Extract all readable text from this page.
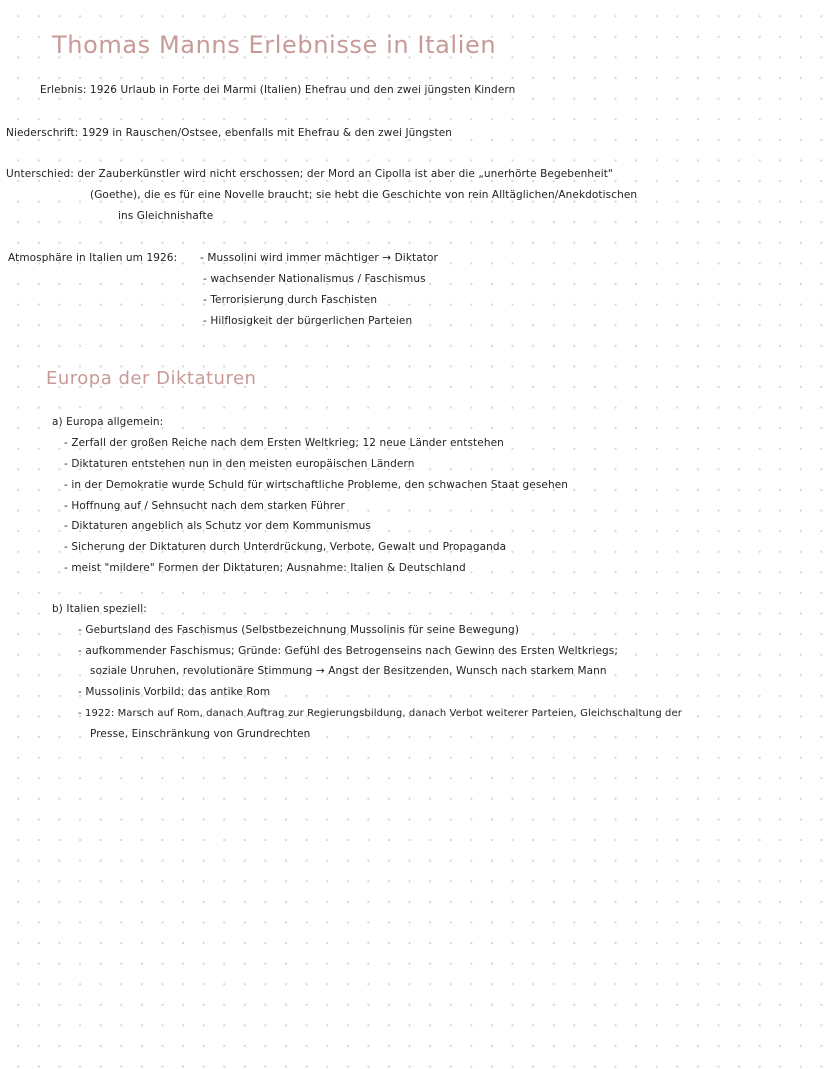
Thomas Manns Erlebnisse in Italien
Erlebnis: 1926 Urlaub in Forte dei Marmi (Italien) Ehefrau und den zwei jüngsten Kindern
Niederschrift: 1929 in Rauschen/Ostsee, ebenfalls mit Ehefrau & den zwei Jüngsten
Unterschied: der Zauberkünstler wird nicht erschossen; der Mord an Cipolla ist aber die „unerhörte Begebenheit"
(Goethe), die es für eine Novelle braucht; sie hebt die Geschichte von rein Alltäglichen/Anekdotischen
ins Gleichnishafte
Atmosphäre in Italien um 1926: - Mussolini wird immer mächtiger → Diktator
- wachsender Nationalismus / Faschismus
- Terrorisierung durch Faschisten
- Hilflosigkeit der bürgerlichen Parteien
Europa der Diktaturen
a) Europa allgemein:
- Zerfall der großen Reiche nach dem Ersten Weltkrieg; 12 neue Länder entstehen
- Diktaturen entstehen nun in den meisten europäischen Ländern
- in der Demokratie wurde Schuld für wirtschaftliche Probleme, den schwachen Staat gesehen
- Hoffnung auf / Sehnsucht nach dem starken Führer
- Diktaturen angeblich als Schutz vor dem Kommunismus
- Sicherung der Diktaturen durch Unterdrückung, Verbote, Gewalt und Propaganda
- meist "mildere" Formen der Diktaturen; Ausnahme: Italien & Deutschland
b) Italien speziell:
- Geburtsland des Faschismus (Selbstbezeichnung Mussolinis für seine Bewegung)
- aufkommender Faschismus; Gründe: Gefühl des Betrogenseins nach Gewinn des Ersten Weltkriegs;
soziale Unruhen, revolutionäre Stimmung → Angst der Besitzenden, Wunsch nach starkem Mann
- Mussolinis Vorbild: das antike Rom
- 1922: Marsch auf Rom, danach Auftrag zur Regierungsbildung, danach Verbot weiterer Parteien, Gleichschaltung der
Presse, Einschränkung von Grundrechten
